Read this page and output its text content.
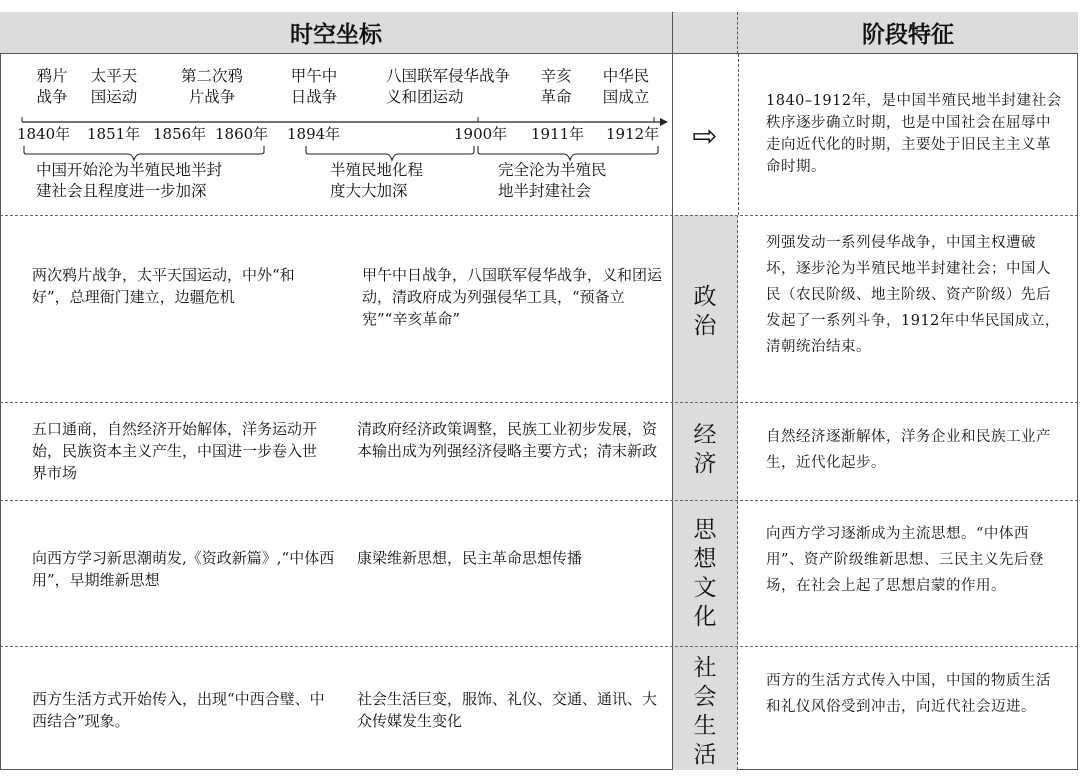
时空坐标	阶段特征
鸦片
战争
太平天
国运动
第二次鸦
片战争
甲午中
日战争
八国联军侵华战争
义和团运动
辛亥
革命
中华民
国成立
1840年 1851年 1856年 1860年 1894年	1900年 1911年 1912年
中国开始沦为半殖民地半封
建社会且程度进一步加深
半殖民地化程
度大大加深
完全沦为半殖民
地半封建社会
⇨
1840–1912年，是中国半殖民地半封建社会秩序逐步确立时期，也是中国社会在屈辱中走向近代化的时期，主要处于旧民主主义革命时期。
两次鸦片战争，太平天国运动，中外“和好”，总理衙门建立，边疆危机
甲午中日战争，八国联军侵华战争，义和团运动，清政府成为列强侵华工具，“预备立宪”“辛亥革命”
政
治
列强发动一系列侵华战争，中国主权遭破坏，逐步沦为半殖民地半封建社会；中国人民（农民阶级、地主阶级、资产阶级）先后发起了一系列斗争，1912年中华民国成立，清朝统治结束。
五口通商，自然经济开始解体，洋务运动开始，民族资本主义产生，中国进一步卷入世界市场
清政府经济政策调整，民族工业初步发展，资本输出成为列强经济侵略主要方式；清末新政
经
济
自然经济逐渐解体，洋务企业和民族工业产生，近代化起步。
向西方学习新思潮萌发,《资政新篇》,“中体西用”，早期维新思想
康梁维新思想，民主革命思想传播
思
想
文
化
向西方学习逐渐成为主流思想。“中体西用”、资产阶级维新思想、三民主义先后登场，在社会上起了思想启蒙的作用。
西方生活方式开始传入，出现“中西合璧、中西结合”现象。
社会生活巨变，服饰、礼仪、交通、通讯、大众传媒发生变化
社
会
生
活
西方的生活方式传入中国，中国的物质生活和礼仪风俗受到冲击，向近代社会迈进。
